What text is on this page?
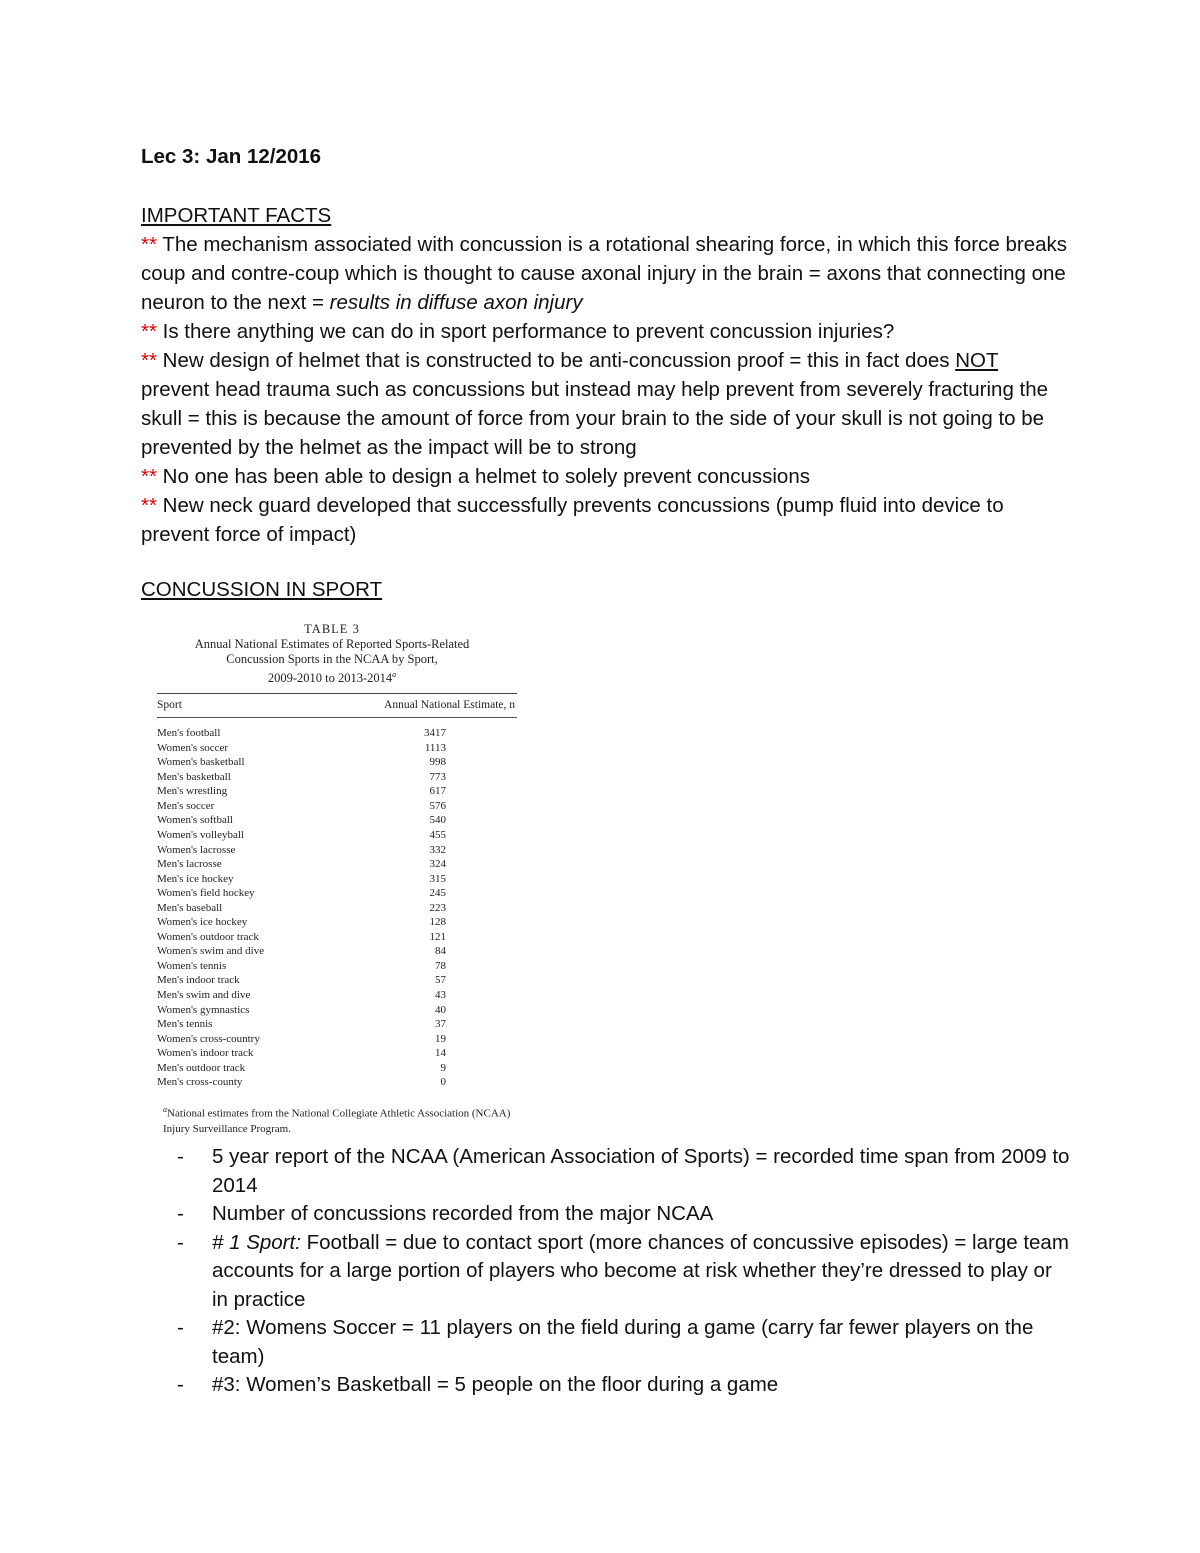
Lec 3: Jan 12/2016
IMPORTANT FACTS
** The mechanism associated with concussion is a rotational shearing force, in which this force breaks coup and contre-coup which is thought to cause axonal injury in the brain = axons that connecting one neuron to the next = results in diffuse axon injury
** Is there anything we can do in sport performance to prevent concussion injuries?
** New design of helmet that is constructed to be anti-concussion proof = this in fact does NOT prevent head trauma such as concussions but instead may help prevent from severely fracturing the skull = this is because the amount of force from your brain to the side of your skull is not going to be prevented by the helmet as the impact will be to strong
** No one has been able to design a helmet to solely prevent concussions
** New neck guard developed that successfully prevents concussions (pump fluid into device to prevent force of impact)
CONCUSSION IN SPORT
TABLE 3
Annual National Estimates of Reported Sports-Related
Concussion Sports in the NCAA by Sport,
2009-2010 to 2013-2014$^a$
Sport	Annual National Estimate, n
Men's football	3417
Women's soccer	1113
Women's basketball	998
Men's basketball	773
Men's wrestling	617
Men's soccer	576
Women's softball	540
Women's volleyball	455
Women's lacrosse	332
Men's lacrosse	324
Men's ice hockey	315
Women's field hockey	245
Men's baseball	223
Women's ice hockey	128
Women's outdoor track	121
Women's swim and dive	84
Women's tennis	78
Men's indoor track	57
Men's swim and dive	43
Women's gymnastics	40
Men's tennis	37
Women's cross-country	19
Women's indoor track	14
Men's outdoor track	9
Men's cross-county	0
$^a$National estimates from the National Collegiate Athletic Association (NCAA) Injury Surveillance Program.
-	5 year report of the NCAA (American Association of Sports) = recorded time span from 2009 to 2014
-	Number of concussions recorded from the major NCAA
-	# 1 Sport: Football = due to contact sport (more chances of concussive episodes) = large team accounts for a large portion of players who become at risk whether they’re dressed to play or in practice
-	#2: Womens Soccer = 11 players on the field during a game (carry far fewer players on the team)
-	#3: Women’s Basketball = 5 people on the floor during a game
